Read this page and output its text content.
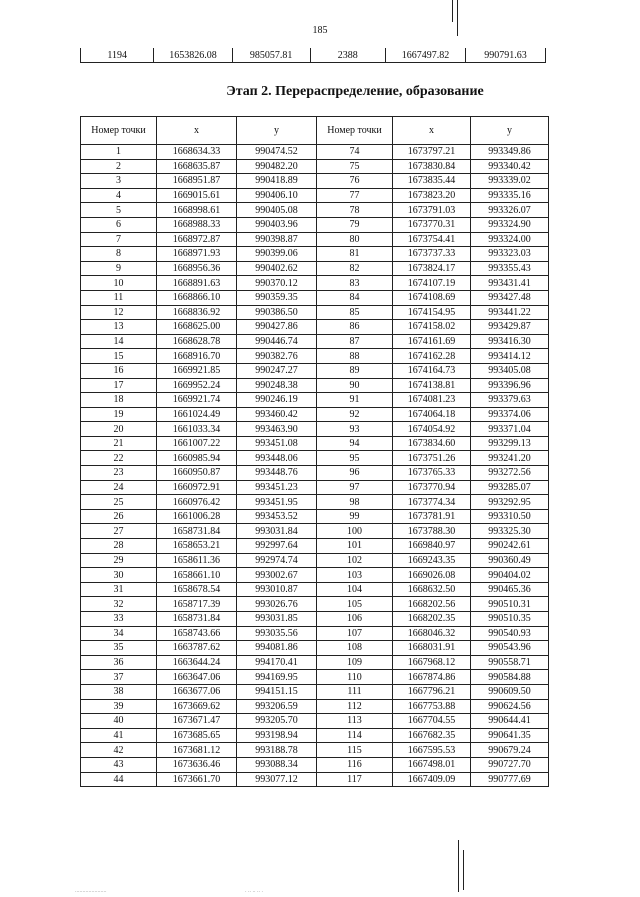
185
1194	1653826.08	985057.81	2388	1667497.82	990791.63
Этап 2. Перераспределение, образование
Номер точки	x	y	Номер точки	x	y
1	1668634.33	990474.52	74	1673797.21	993349.86
2	1668635.87	990482.20	75	1673830.84	993340.42
3	1668951.87	990418.89	76	1673835.44	993339.02
4	1669015.61	990406.10	77	1673823.20	993335.16
5	1668998.61	990405.08	78	1673791.03	993326.07
6	1668988.33	990403.96	79	1673770.31	993324.90
7	1668972.87	990398.87	80	1673754.41	993324.00
8	1668971.93	990399.06	81	1673737.33	993323.03
9	1668956.36	990402.62	82	1673824.17	993355.43
10	1668891.63	990370.12	83	1674107.19	993431.41
11	1668866.10	990359.35	84	1674108.69	993427.48
12	1668836.92	990386.50	85	1674154.95	993441.22
13	1668625.00	990427.86	86	1674158.02	993429.87
14	1668628.78	990446.74	87	1674161.69	993416.30
15	1668916.70	990382.76	88	1674162.28	993414.12
16	1669921.85	990247.27	89	1674164.73	993405.08
17	1669952.24	990248.38	90	1674138.81	993396.96
18	1669921.74	990246.19	91	1674081.23	993379.63
19	1661024.49	993460.42	92	1674064.18	993374.06
20	1661033.34	993463.90	93	1674054.92	993371.04
21	1661007.22	993451.08	94	1673834.60	993299.13
22	1660985.94	993448.06	95	1673751.26	993241.20
23	1660950.87	993448.76	96	1673765.33	993272.56
24	1660972.91	993451.23	97	1673770.94	993285.07
25	1660976.42	993451.95	98	1673774.34	993292.95
26	1661006.28	993453.52	99	1673781.91	993310.50
27	1658731.84	993031.84	100	1673788.30	993325.30
28	1658653.21	992997.64	101	1669840.97	990242.61
29	1658611.36	992974.74	102	1669243.35	990360.49
30	1658661.10	993002.67	103	1669026.08	990404.02
31	1658678.54	993010.87	104	1668632.50	990465.36
32	1658717.39	993026.76	105	1668202.56	990510.31
33	1658731.84	993031.85	106	1668202.35	990510.35
34	1658743.66	993035.56	107	1668046.32	990540.93
35	1663787.62	994081.86	108	1668031.91	990543.96
36	1663644.24	994170.41	109	1667968.12	990558.71
37	1663647.06	994169.95	110	1667874.86	990584.88
38	1663677.06	994151.15	111	1667796.21	990609.50
39	1673669.62	993206.59	112	1667753.88	990624.56
40	1673671.47	993205.70	113	1667704.55	990644.41
41	1673685.65	993198.94	114	1667682.35	990641.35
42	1673681.12	993188.78	115	1667595.53	990679.24
43	1673636.46	993088.34	116	1667498.01	990727.70
44	1673661.70	993077.12	117	1667409.09	990777.69
.....................	. .. .. .. .
